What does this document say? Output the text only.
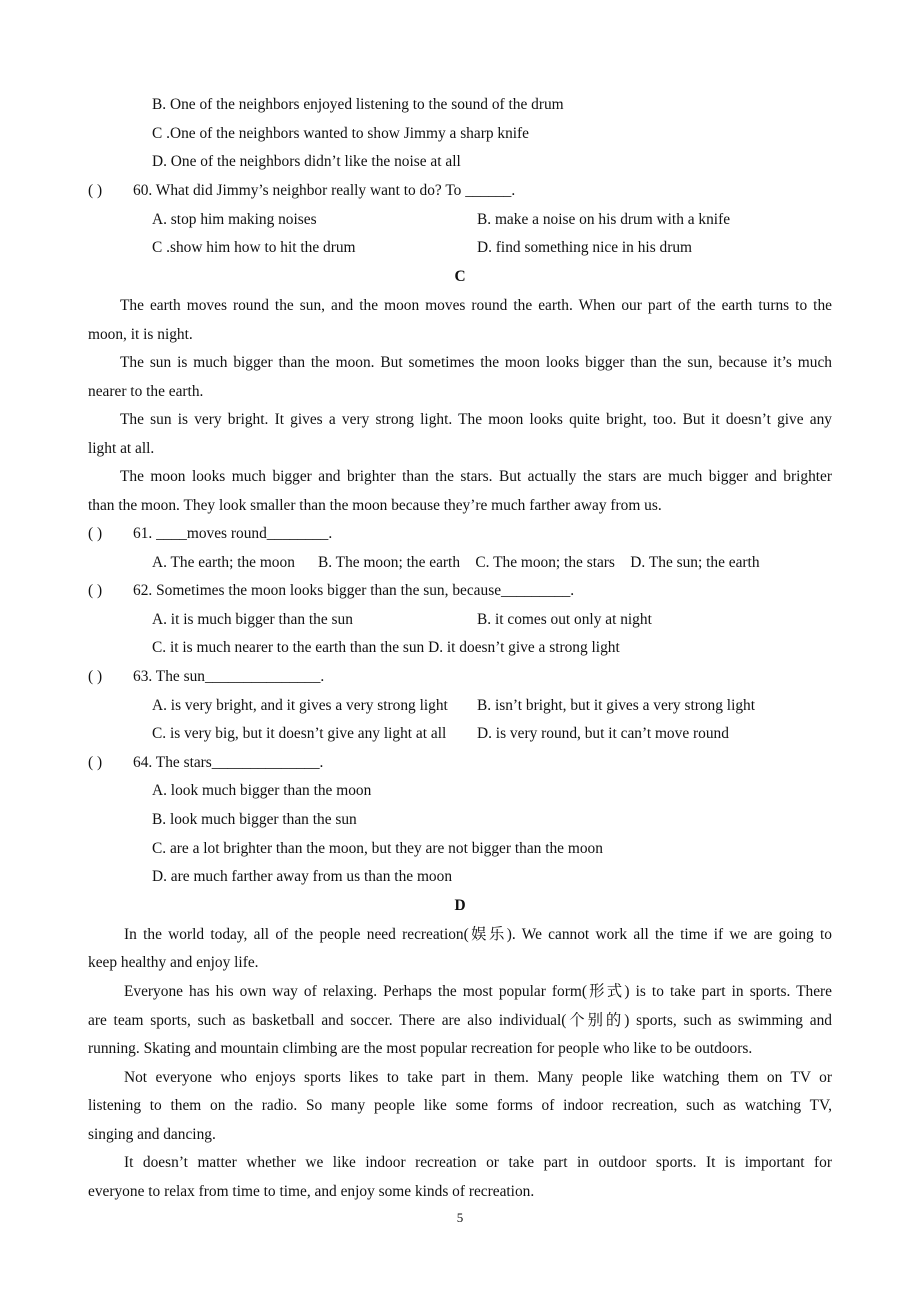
B. One of the neighbors enjoyed listening to the sound of the drum
C .One of the neighbors wanted to show Jimmy a sharp knife
D. One of the neighbors didn’t like the noise at all
( ) 60. What did Jimmy’s neighbor really want to do? To ______.
A. stop him making noises	B. make a noise on his drum with a knife
C .show him how to hit the drum	D. find something nice in his drum
C
The earth moves round the sun, and the moon moves round the earth. When our part of the earth turns to the
moon, it is night.
The sun is much bigger than the moon. But sometimes the moon looks bigger than the sun, because it’s much
nearer to the earth.
The sun is very bright. It gives a very strong light. The moon looks quite bright, too. But it doesn’t give any
light at all.
The moon looks much bigger and brighter than the stars. But actually the stars are much bigger and brighter
than the moon. They look smaller than the moon because they’re much farther away from us.
( ) 61. ____moves round________.
A. The earth; the moon      B. The moon; the earth    C. The moon; the stars    D. The sun; the earth
( ) 62. Sometimes the moon looks bigger than the sun, because_________.
A. it is much bigger than the sun	B. it comes out only at night
C. it is much nearer to the earth than the sun D. it doesn’t give a strong light
( ) 63. The sun_______________.
A. is very bright, and it gives a very strong light B. isn’t bright, but it gives a very strong light
C. is very big, but it doesn’t give any light at all D. is very round, but it can’t move round
( ) 64. The stars______________.
A. look much bigger than the moon
B. look much bigger than the sun
C. are a lot brighter than the moon, but they are not bigger than the moon
D. are much farther away from us than the moon
D
In the world today, all of the people need recreation(娱乐). We cannot work all the time if we are going to
keep healthy and enjoy life.
Everyone has his own way of relaxing. Perhaps the most popular form(形式) is to take part in sports. There
are team sports, such as basketball and soccer. There are also individual(个别的) sports, such as swimming and
running. Skating and mountain climbing are the most popular recreation for people who like to be outdoors.
Not everyone who enjoys sports likes to take part in them. Many people like watching them on TV or
listening to them on the radio. So many people like some forms of indoor recreation, such as watching TV,
singing and dancing.
It doesn’t matter whether we like indoor recreation or take part in outdoor sports. It is important for
everyone to relax from time to time, and enjoy some kinds of recreation.
5
